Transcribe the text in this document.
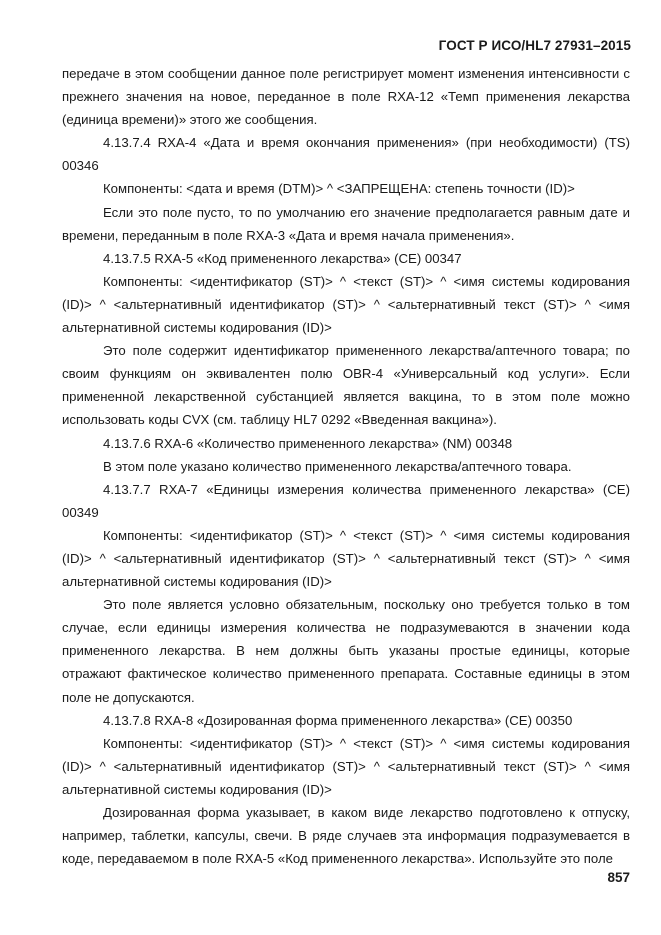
ГОСТ Р ИСО/HL7 27931–2015

передаче в этом сообщении данное поле регистрирует момент изменения интенсивности с прежнего значения на новое, переданное в поле RXA-12 «Темп применения лекарства (единица времени)» этого же сообщения.

4.13.7.4 RXA-4 «Дата и время окончания применения» (при необходимости) (TS) 00346

Компоненты: <дата и время (DTM)> ^ <ЗАПРЕЩЕНА: степень точности (ID)>

Если это поле пусто, то по умолчанию его значение предполагается равным дате и времени, переданным в поле RXA-3 «Дата и время начала применения».

4.13.7.5 RXA-5 «Код примененного лекарства» (CE) 00347

Компоненты: <идентификатор (ST)> ^ <текст (ST)> ^ <имя системы кодирования (ID)> ^ <альтернативный идентификатор (ST)> ^ <альтернативный текст (ST)> ^ <имя альтернативной системы кодирования (ID)>

Это поле содержит идентификатор примененного лекарства/аптечного товара; по своим функциям он эквивалентен полю OBR-4 «Универсальный код услуги». Если примененной лекарственной субстанцией является вакцина, то в этом поле можно использовать коды CVX (см. таблицу HL7 0292 «Введенная вакцина»).

4.13.7.6 RXA-6 «Количество примененного лекарства» (NM) 00348

В этом поле указано количество примененного лекарства/аптечного товара.

4.13.7.7 RXA-7 «Единицы измерения количества примененного лекарства» (CE) 00349

Компоненты: <идентификатор (ST)> ^ <текст (ST)> ^ <имя системы кодирования (ID)> ^ <альтернативный идентификатор (ST)> ^ <альтернативный текст (ST)> ^ <имя альтернативной системы кодирования (ID)>

Это поле является условно обязательным, поскольку оно требуется только в том случае, если единицы измерения количества не подразумеваются в значении кода примененного лекарства. В нем должны быть указаны простые единицы, которые отражают фактическое количество примененного препарата. Составные единицы в этом поле не допускаются.

4.13.7.8 RXA-8 «Дозированная форма примененного лекарства» (CE) 00350

Компоненты: <идентификатор (ST)> ^ <текст (ST)> ^ <имя системы кодирования (ID)> ^ <альтернативный идентификатор (ST)> ^ <альтернативный текст (ST)> ^ <имя альтернативной системы кодирования (ID)>

Дозированная форма указывает, в каком виде лекарство подготовлено к отпуску, например, таблетки, капсулы, свечи. В ряде случаев эта информация подразумевается в коде, передаваемом в поле RXA-5 «Код примененного лекарства». Используйте это поле

857
